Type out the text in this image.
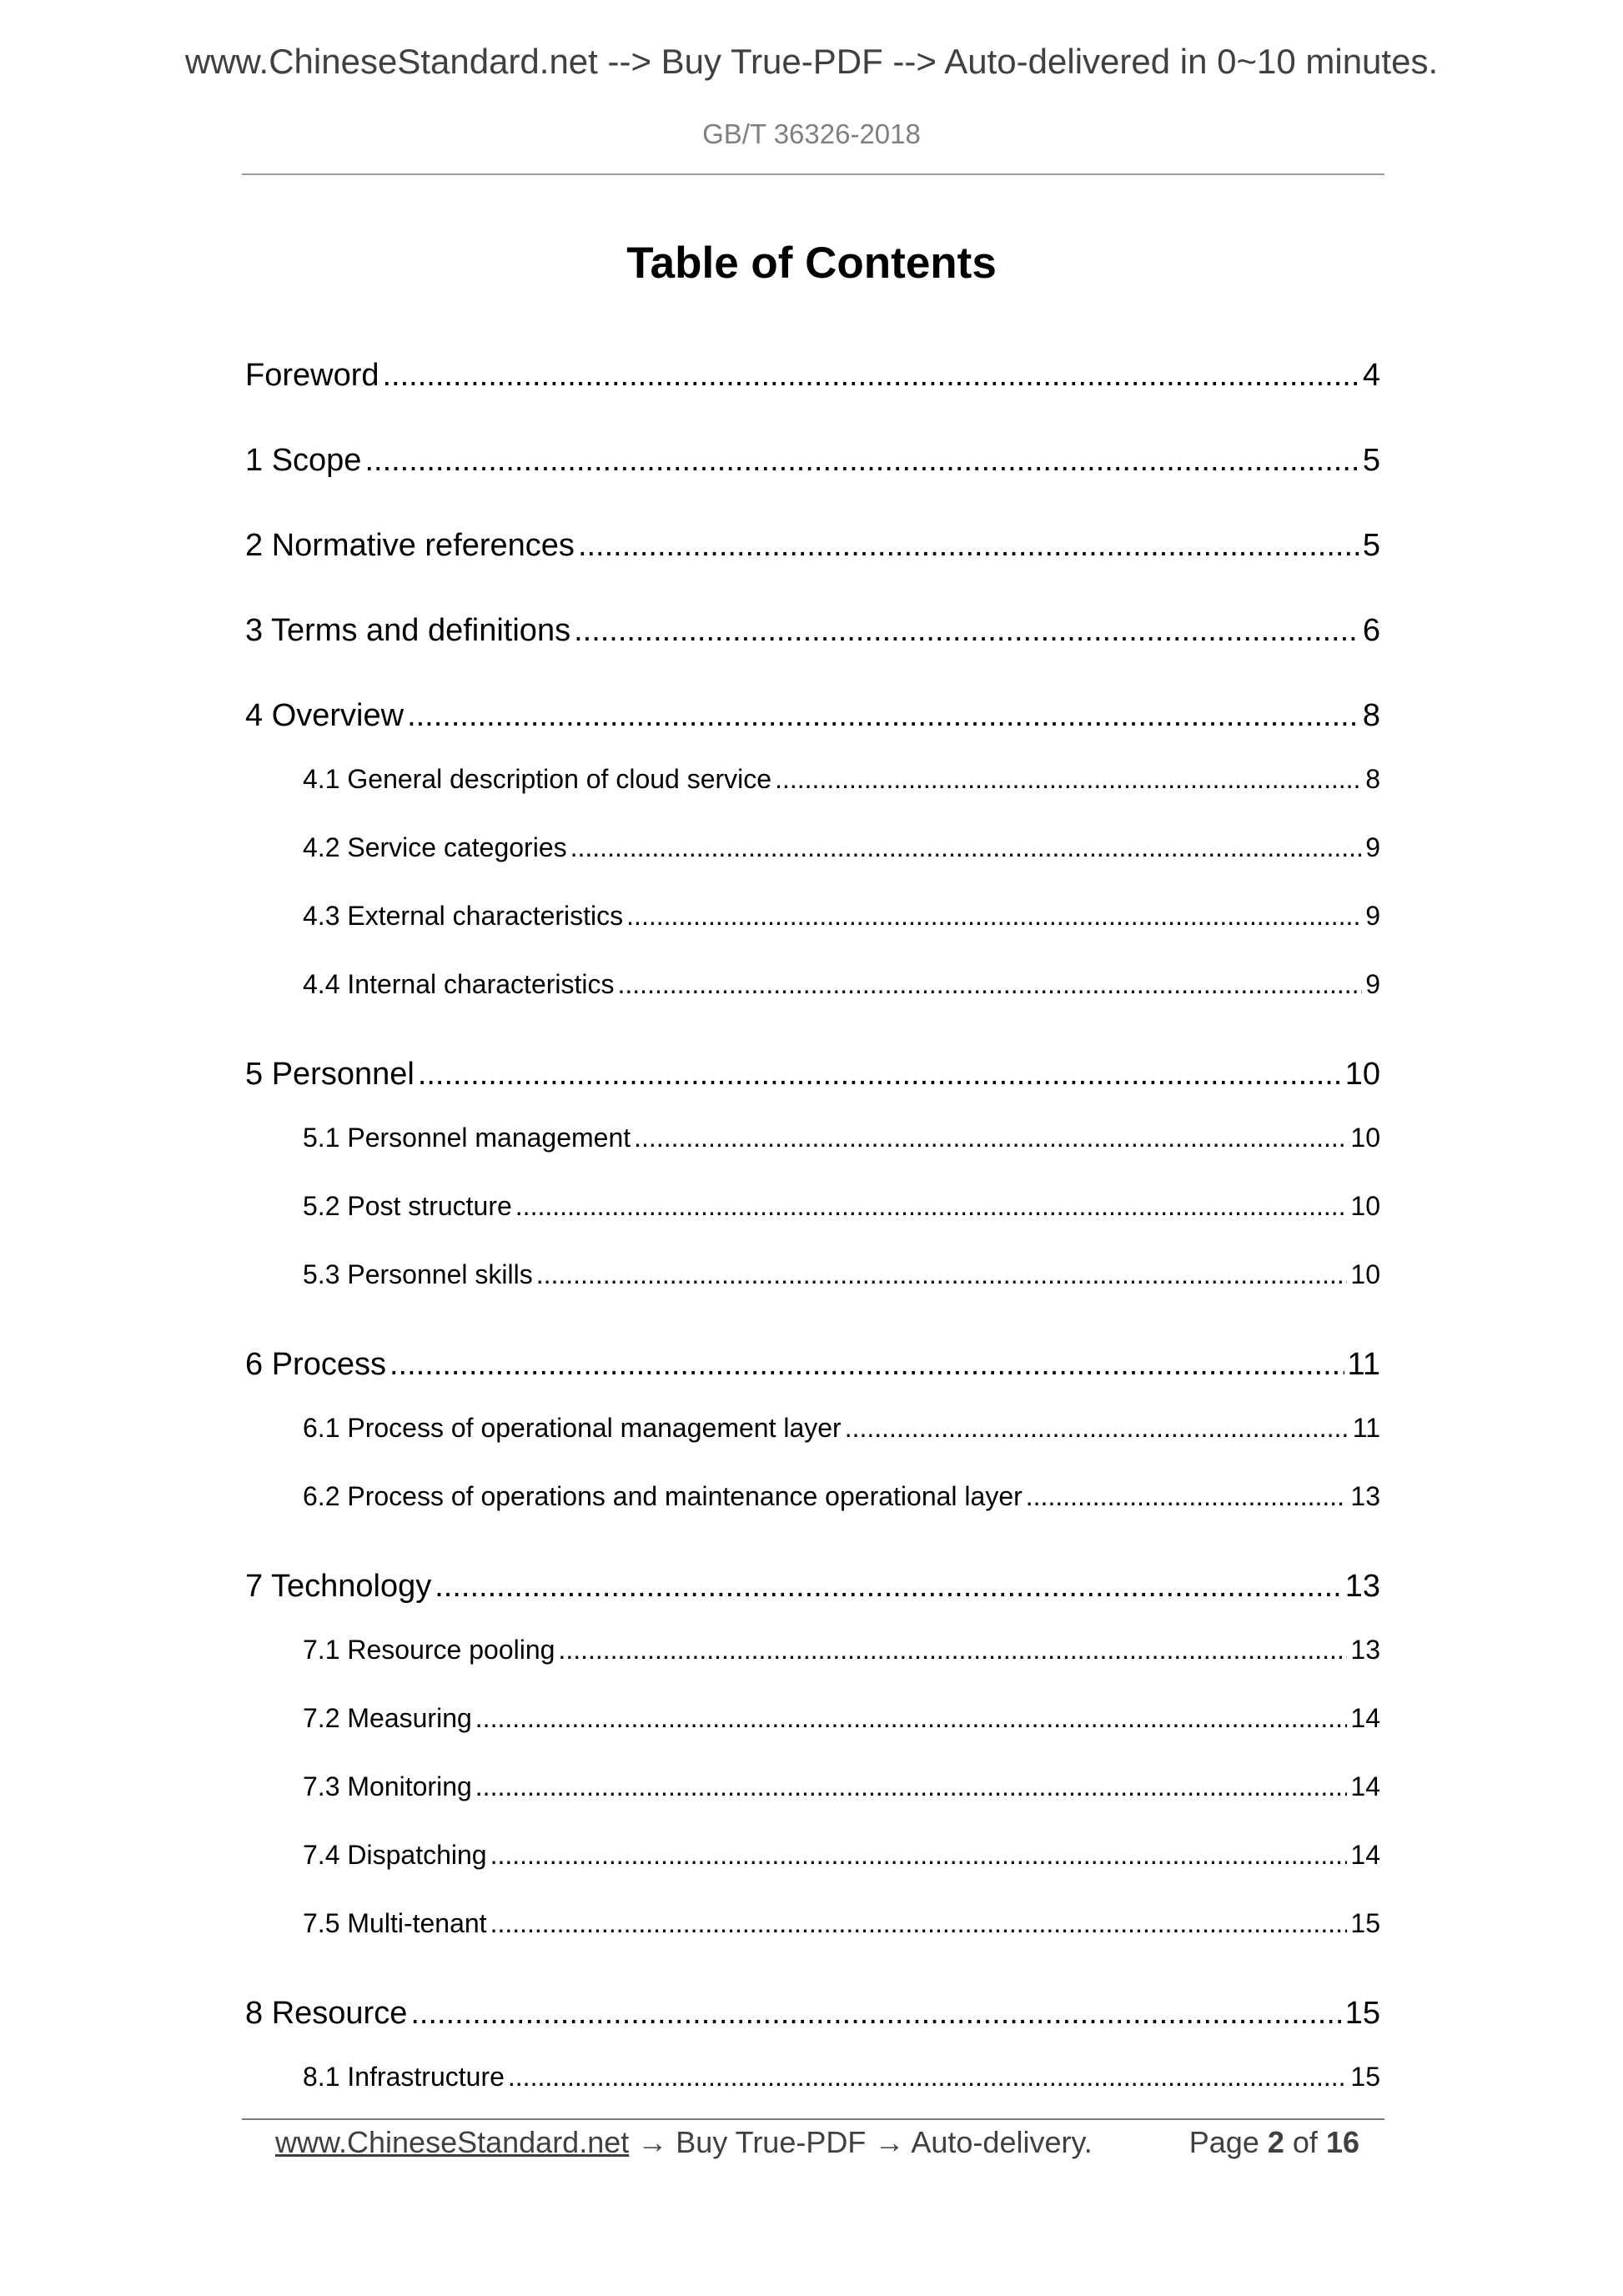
www.ChineseStandard.net --> Buy True-PDF --> Auto-delivered in 0~10 minutes.
GB/T 36326-2018
Table of Contents
Foreword .....	4
1 Scope .....	5
2 Normative references .....	5
3 Terms and definitions .....	6
4 Overview .....	8
4.1 General description of cloud service .....	8
4.2 Service categories .....	9
4.3 External characteristics .....	9
4.4 Internal characteristics .....	9
5 Personnel .....	10
5.1 Personnel management .....	10
5.2 Post structure .....	10
5.3 Personnel skills .....	10
6 Process .....	11
6.1 Process of operational management layer .....	11
6.2 Process of operations and maintenance operational layer .....	13
7 Technology .....	13
7.1 Resource pooling .....	13
7.2 Measuring .....	14
7.3 Monitoring .....	14
7.4 Dispatching .....	14
7.5 Multi-tenant .....	15
8 Resource .....	15
8.1 Infrastructure .....	15
www.ChineseStandard.net → Buy True-PDF → Auto-delivery.	Page 2 of 16
